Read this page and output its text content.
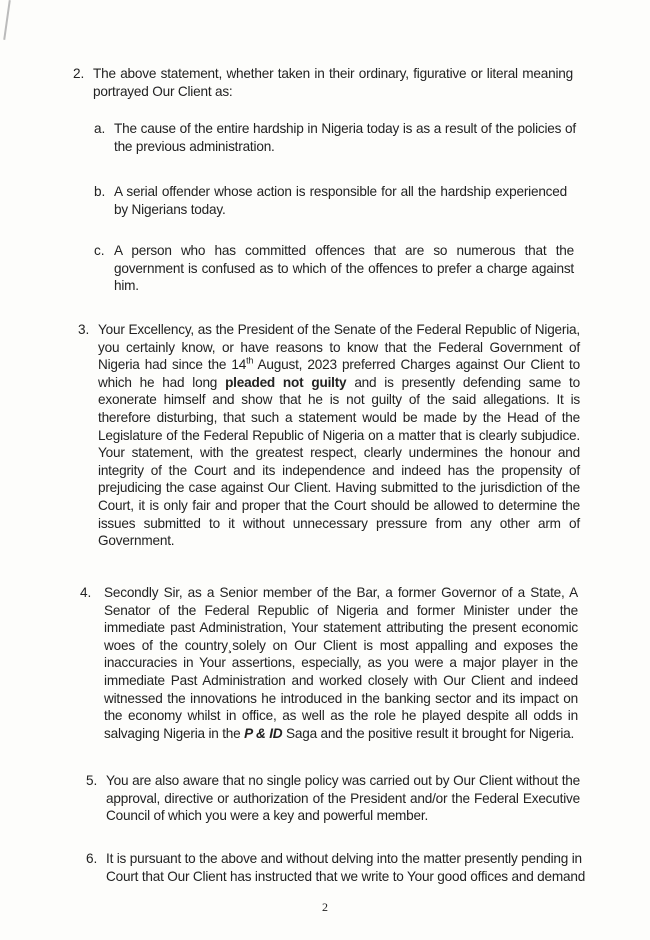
2. The above statement, whether taken in their ordinary, figurative or literal meaning portrayed Our Client as:

a. The cause of the entire hardship in Nigeria today is as a result of the policies of the previous administration.

b. A serial offender whose action is responsible for all the hardship experienced by Nigerians today.

c. A person who has committed offences that are so numerous that the government is confused as to which of the offences to prefer a charge against him.

3. Your Excellency, as the President of the Senate of the Federal Republic of Nigeria, you certainly know, or have reasons to know that the Federal Government of Nigeria had since the 14th August, 2023 preferred Charges against Our Client to which he had long pleaded not guilty and is presently defending same to exonerate himself and show that he is not guilty of the said allegations. It is therefore disturbing, that such a statement would be made by the Head of the Legislature of the Federal Republic of Nigeria on a matter that is clearly subjudice. Your statement, with the greatest respect, clearly undermines the honour and integrity of the Court and its independence and indeed has the propensity of prejudicing the case against Our Client. Having submitted to the jurisdiction of the Court, it is only fair and proper that the Court should be allowed to determine the issues submitted to it without unnecessary pressure from any other arm of Government.

4. Secondly Sir, as a Senior member of the Bar, a former Governor of a State, A Senator of the Federal Republic of Nigeria and former Minister under the immediate past Administration, Your statement attributing the present economic woes of the country¸solely on Our Client is most appalling and exposes the inaccuracies in Your assertions, especially, as you were a major player in the immediate Past Administration and worked closely with Our Client and indeed witnessed the innovations he introduced in the banking sector and its impact on the economy whilst in office, as well as the role he played despite all odds in salvaging Nigeria in the P & ID Saga and the positive result it brought for Nigeria.

5. You are also aware that no single policy was carried out by Our Client without the approval, directive or authorization of the President and/or the Federal Executive Council of which you were a key and powerful member.

6. It is pursuant to the above and without delving into the matter presently pending in

Court that Our Client has instructed that we write to Your good offices and demand

2
